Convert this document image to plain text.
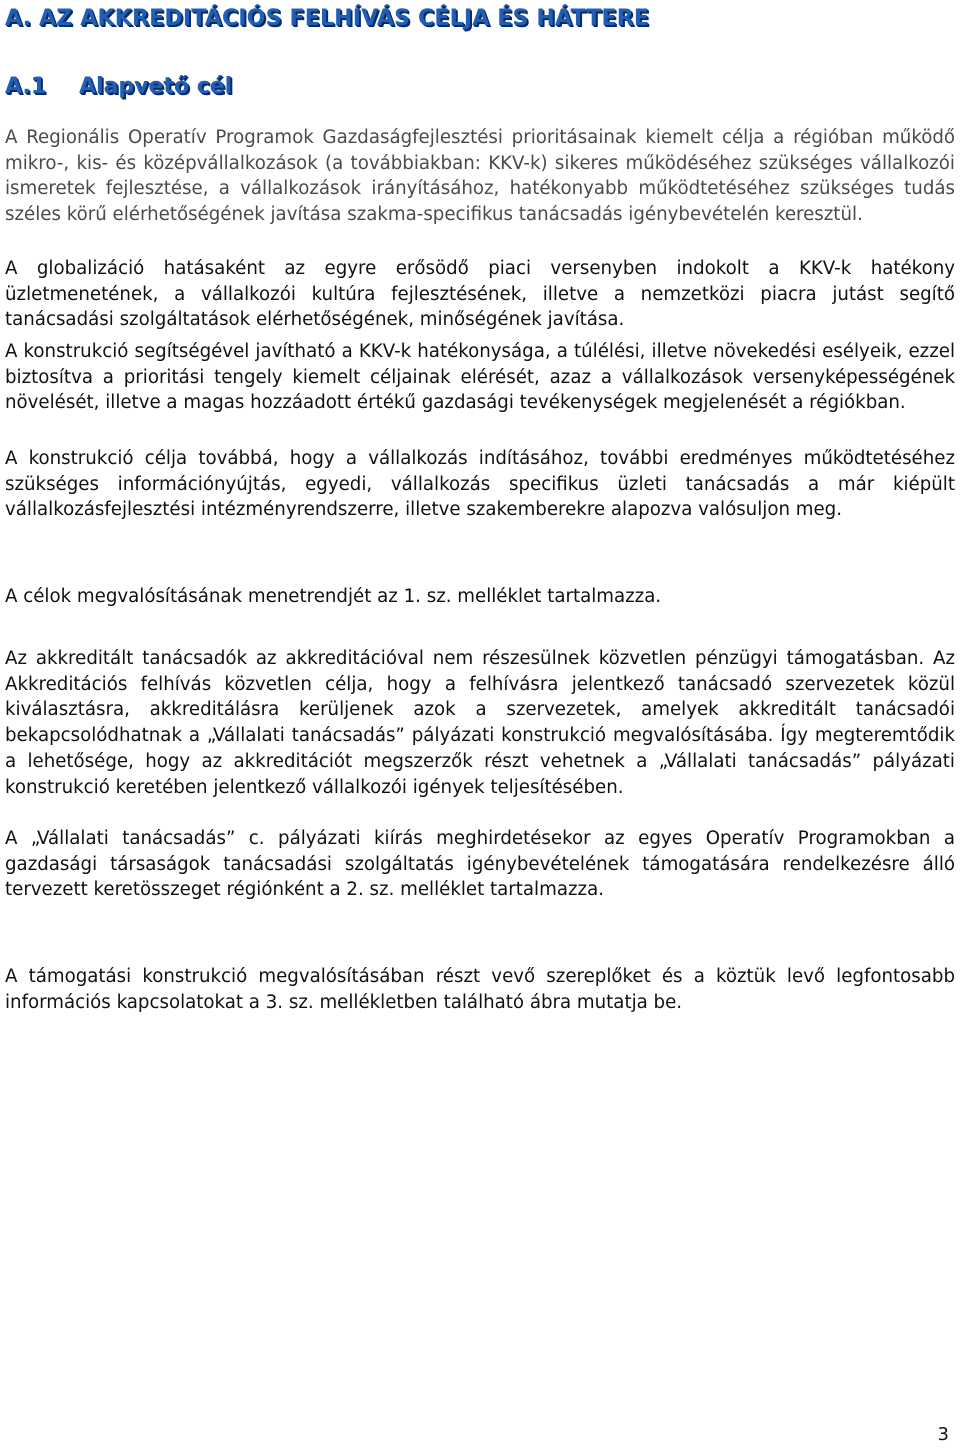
A. AZ AKKREDITÁCIÓS FELHÍVÁS CÉLJA ÉS HÁTTERE
A.1 Alapvető cél

A Regionális Operatív Programok Gazdaságfejlesztési prioritásainak kiemelt célja a régióban működő mikro-, kis- és középvállalkozások (a továbbiakban: KKV-k) sikeres működéséhez szükséges vállalkozói ismeretek fejlesztése, a vállalkozások irányításához, hatékonyabb működtetéséhez szükséges tudás széles körű elérhetőségének javítása szakma-specifikus tanácsadás igénybevételén keresztül.

A globalizáció hatásaként az egyre erősödő piaci versenyben indokolt a KKV-k hatékony üzletmenetének, a vállalkozói kultúra fejlesztésének, illetve a nemzetközi piacra jutást segítő tanácsadási szolgáltatások elérhetőségének, minőségének javítása.

A konstrukció segítségével javítható a KKV-k hatékonysága, a túlélési, illetve növekedési esélyeik, ezzel biztosítva a prioritási tengely kiemelt céljainak elérését, azaz a vállalkozások versenyképességének növelését, illetve a magas hozzáadott értékű gazdasági tevékenységek megjelenését a régiókban.

A konstrukció célja továbbá, hogy a vállalkozás indításához, további eredményes működtetéséhez szükséges információnyújtás, egyedi, vállalkozás specifikus üzleti tanácsadás a már kiépült vállalkozásfejlesztési intézményrendszerre, illetve szakemberekre alapozva valósuljon meg.

A célok megvalósításának menetrendjét az 1. sz. melléklet tartalmazza.

Az akkreditált tanácsadók az akkreditációval nem részesülnek közvetlen pénzügyi támogatásban. Az Akkreditációs felhívás közvetlen célja, hogy a felhívásra jelentkező tanácsadó szervezetek közül kiválasztásra, akkreditálásra kerüljenek azok a szervezetek, amelyek akkreditált tanácsadói bekapcsolódhatnak a „Vállalati tanácsadás” pályázati konstrukció megvalósításába. Így megteremtődik a lehetősége, hogy az akkreditációt megszerzők részt vehetnek a „Vállalati tanácsadás” pályázati konstrukció keretében jelentkező vállalkozói igények teljesítésében.

A „Vállalati tanácsadás” c. pályázati kiírás meghirdetésekor az egyes Operatív Programokban a gazdasági társaságok tanácsadási szolgáltatás igénybevételének támogatására rendelkezésre álló tervezett keretösszeget régiónként a 2. sz. melléklet tartalmazza.

A támogatási konstrukció megvalósításában részt vevő szereplőket és a köztük levő legfontosabb információs kapcsolatokat a 3. sz. mellékletben található ábra mutatja be.

3
